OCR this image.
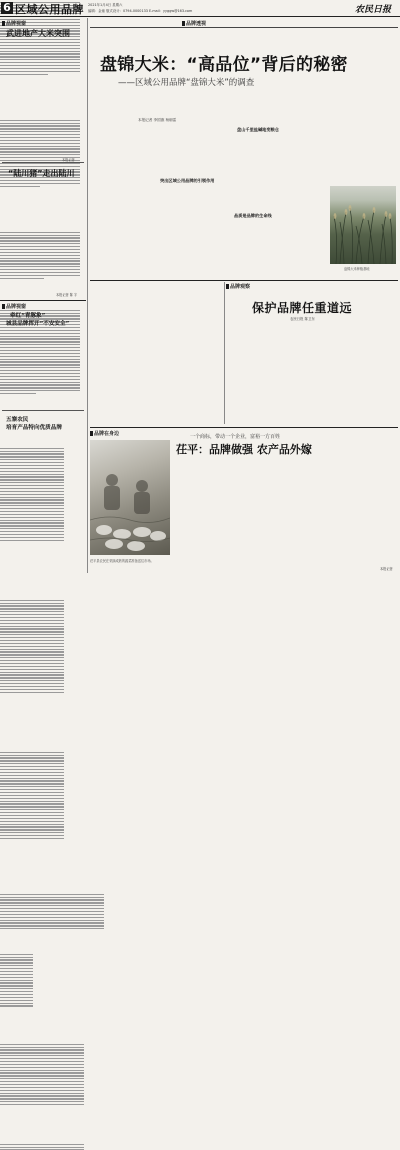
6 区域公用品牌 2021年1月4日 星期六
编辑：金童 版式设计：0794-0000133 E-mail：yyggw@163.com	农民日报
品牌视窗
武进地产大米突围
本报记者
“陆川猪”走出陆川
本报记者 陈 宇
品牌视窗
牵红“青豚象”
城县品牌挥开“不安安全”
五寨农民
培育产品特向优质品牌
品牌透视
盘锦大米：“高品位”背后的秘密
——区域公用品牌“盘锦大米”的调查
本报记者 李国旗 杨朝雷
盘山千里盐碱地变粮仓
盘锦大米种植基地
突出区域公用品牌的引领作用
品质是品牌的生命线
品牌观察
保护品牌任重道远
农民日报 陈卫东
品牌在身边	一个商标，带动一个企业，富裕一方百姓
茌平：品牌做强 农产品外嫁
茌平县农民在采摘成熟的蔬菜准备送往市场。
本报记者
